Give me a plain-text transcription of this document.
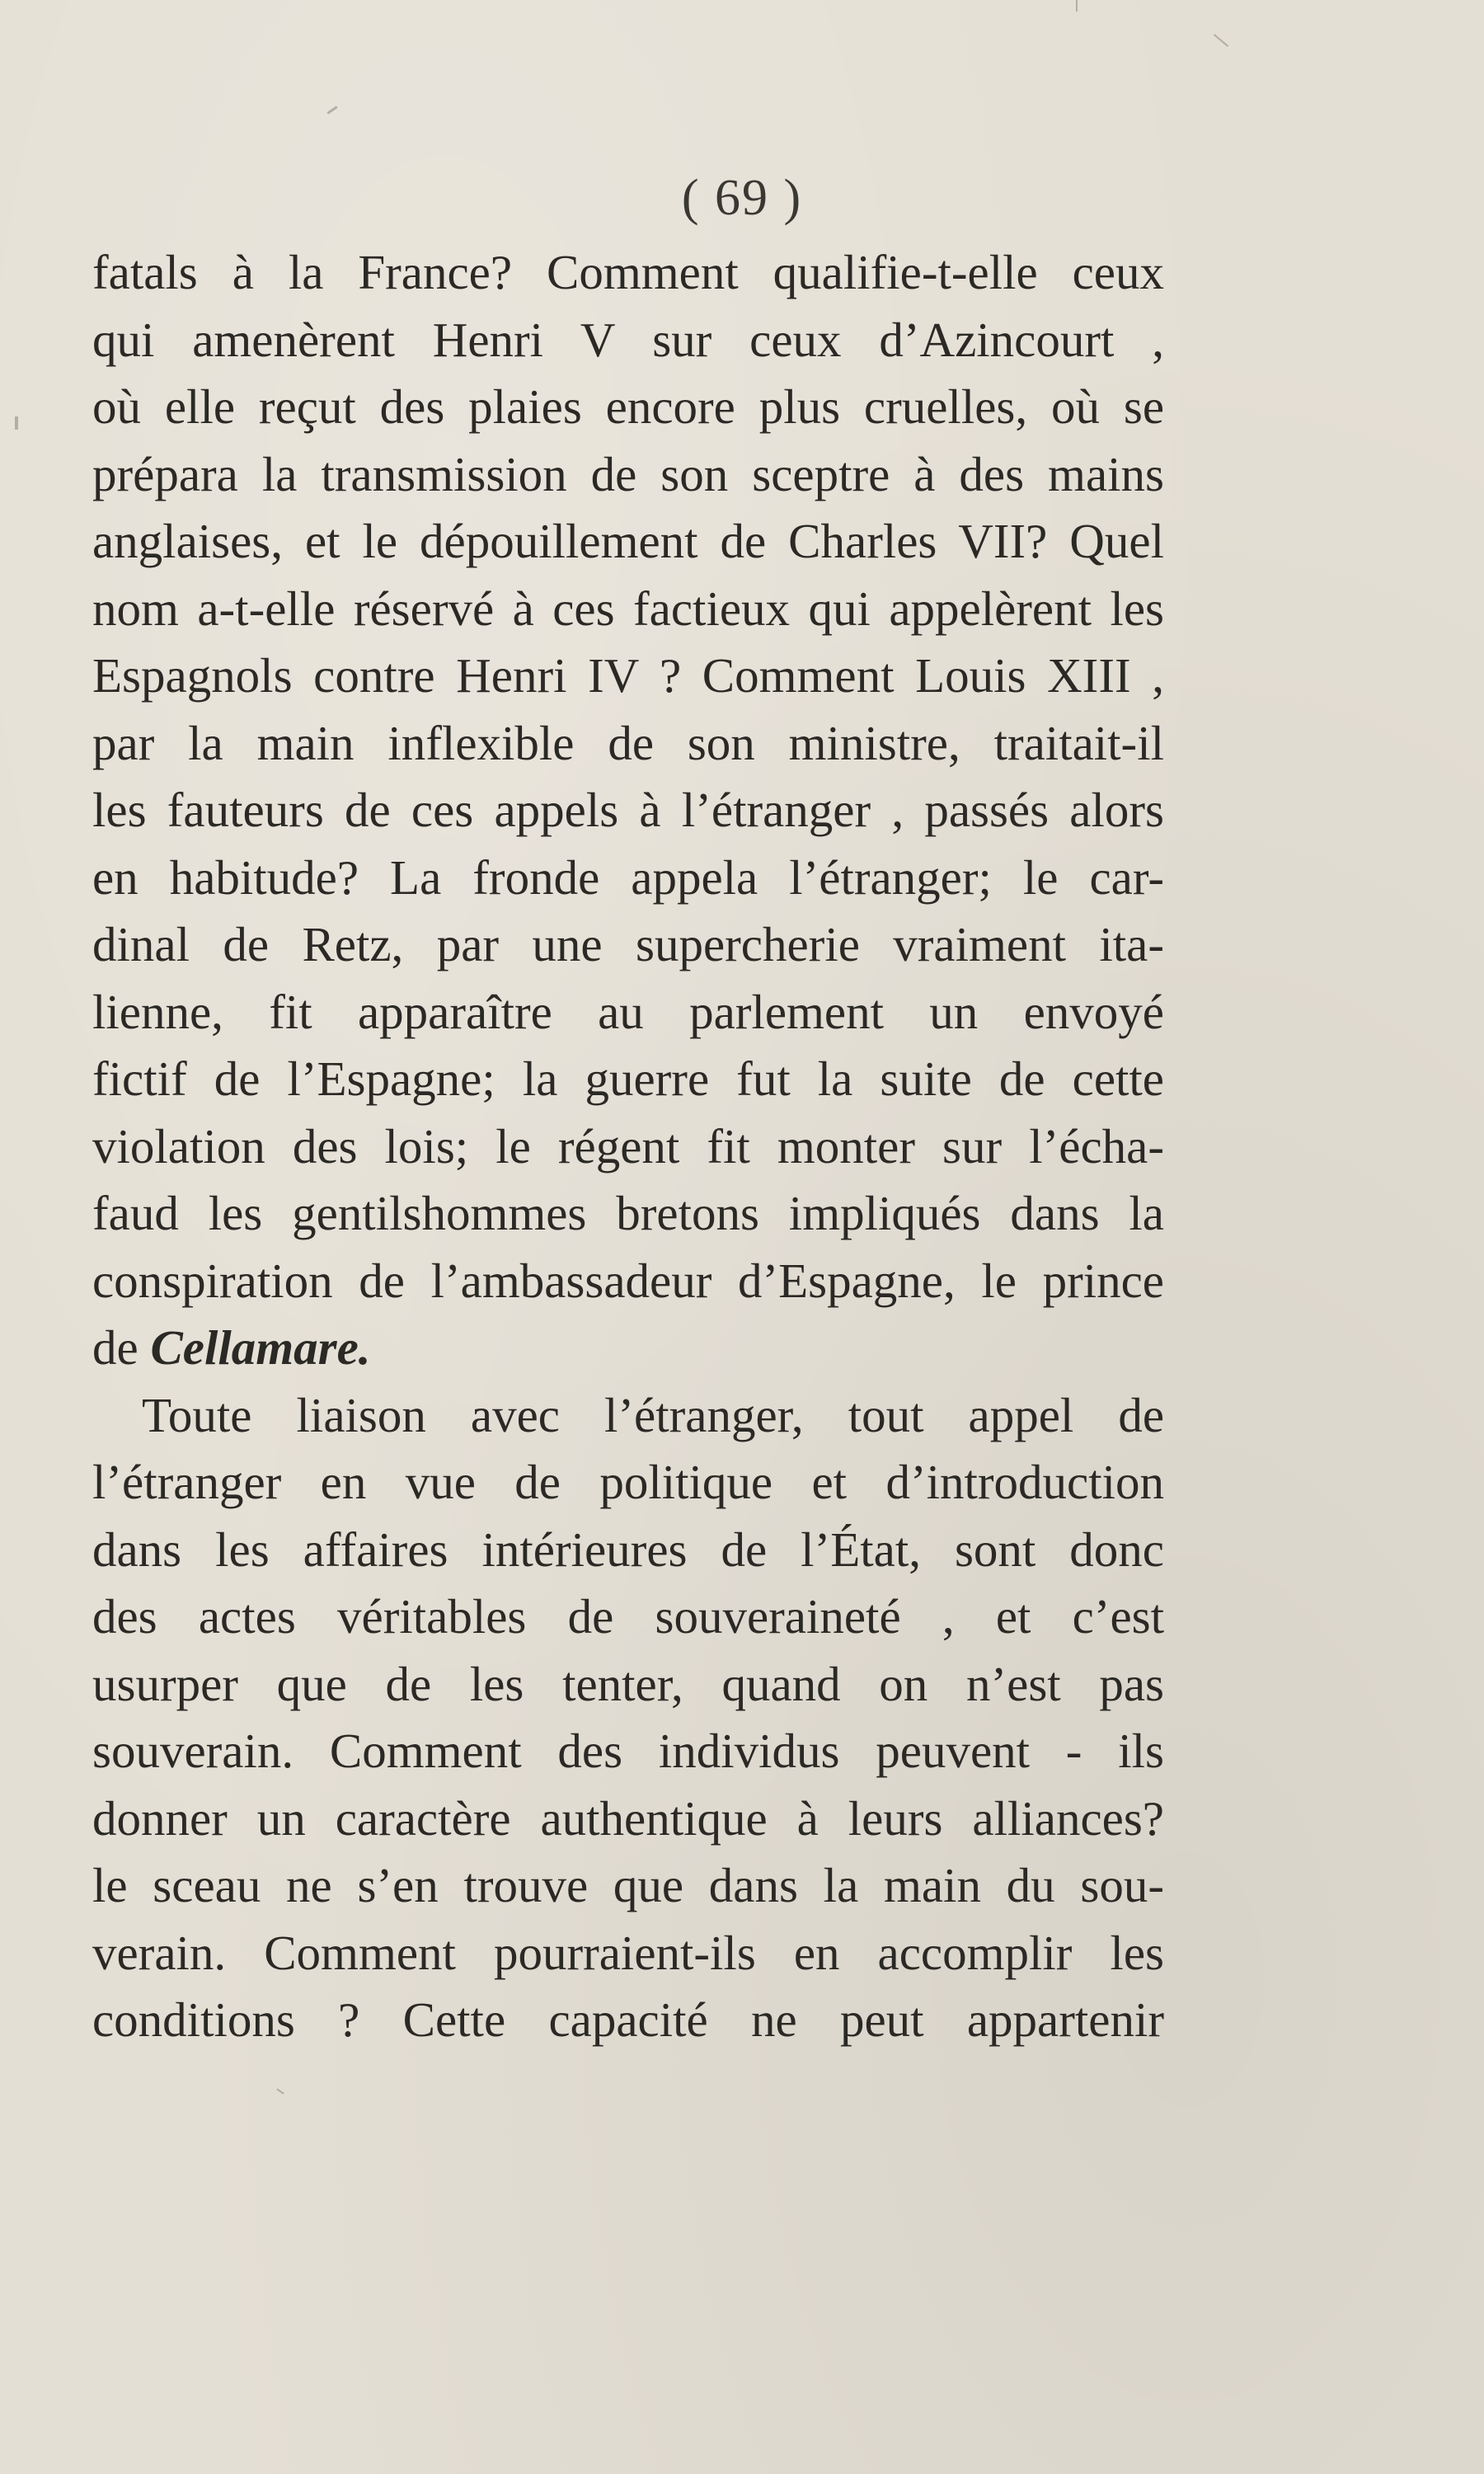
( 69 )
fatals à la France? Comment qualifie-t-elle ceux
qui amenèrent Henri V sur ceux d’Azincourt ,
où elle reçut des plaies encore plus cruelles, où se
prépara la transmission de son sceptre à des mains
anglaises, et le dépouillement de Charles VII? Quel
nom a-t-elle réservé à ces factieux qui appelèrent les
Espagnols contre Henri IV ? Comment Louis XIII ,
par la main inflexible de son ministre, traitait-il
les fauteurs de ces appels à l’étranger , passés alors
en habitude? La fronde appela l’étranger; le car-
dinal de Retz, par une supercherie vraiment ita-
lienne, fit apparaître au parlement un envoyé
fictif de l’Espagne; la guerre fut la suite de cette
violation des lois; le régent fit monter sur l’écha-
faud les gentilshommes bretons impliqués dans la
conspiration de l’ambassadeur d’Espagne, le prince
de Cellamare.
Toute liaison avec l’étranger, tout appel de
l’étranger en vue de politique et d’introduction
dans les affaires intérieures de l’État, sont donc
des actes véritables de souveraineté , et c’est
usurper que de les tenter, quand on n’est pas
souverain. Comment des individus peuvent - ils
donner un caractère authentique à leurs alliances?
le sceau ne s’en trouve que dans la main du sou-
verain. Comment pourraient-ils en accomplir les
conditions ? Cette capacité ne peut appartenir
